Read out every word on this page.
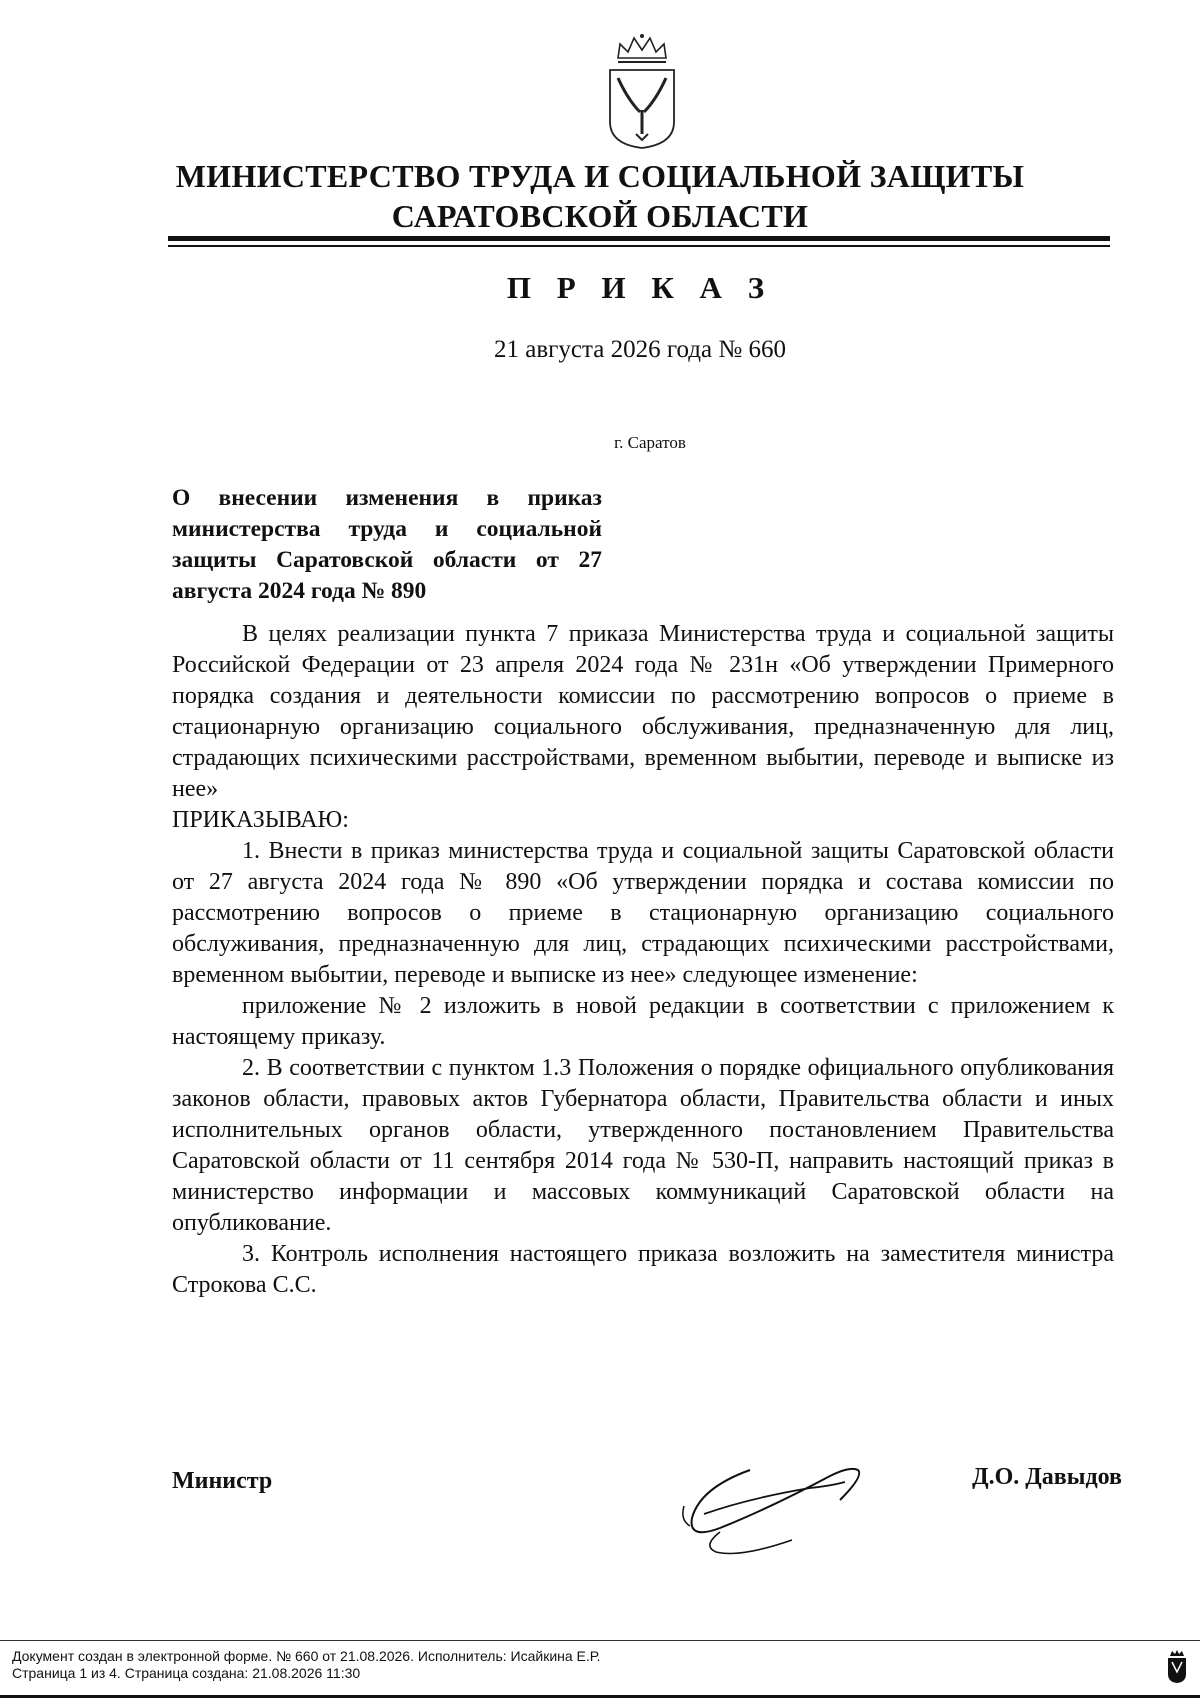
МИНИСТЕРСТВО ТРУДА И СОЦИАЛЬНОЙ ЗАЩИТЫ
САРАТОВСКОЙ ОБЛАСТИ
П Р И К А З
21 августа 2026 года № 660
г. Саратов
О внесении изменения в приказ министерства труда и социальной защиты Саратовской области от 27 августа 2024 года № 890

В целях реализации пункта 7 приказа Министерства труда и социальной защиты Российской Федерации от 23 апреля 2024 года № 231н «Об утверждении Примерного порядка создания и деятельности комиссии по рассмотрению вопросов о приеме в стационарную организацию социального обслуживания, предназначенную для лиц, страдающих психическими расстройствами, временном выбытии, переводе и выписке из нее»

ПРИКАЗЫВАЮ:

1. Внести в приказ министерства труда и социальной защиты Саратовской области от 27 августа 2024 года № 890 «Об утверждении порядка и состава комиссии по рассмотрению вопросов о приеме в стационарную организацию социального обслуживания, предназначенную для лиц, страдающих психическими расстройствами, временном выбытии, переводе и выписке из нее» следующее изменение:

приложение № 2 изложить в новой редакции в соответствии с приложением к настоящему приказу.

2. В соответствии с пунктом 1.3 Положения о порядке официального опубликования законов области, правовых актов Губернатора области, Правительства области и иных исполнительных органов области, утвержденного постановлением Правительства Саратовской области от 11 сентября 2014 года № 530-П, направить настоящий приказ в министерство информации и массовых коммуникаций Саратовской области на опубликование.

3. Контроль исполнения настоящего приказа возложить на заместителя министра Строкова С.С.

Министр	Д.О. Давыдов
Документ создан в электронной форме. № 660 от 21.08.2026. Исполнитель: Исайкина Е.Р.
Страница 1 из 4. Страница создана: 21.08.2026 11:30
